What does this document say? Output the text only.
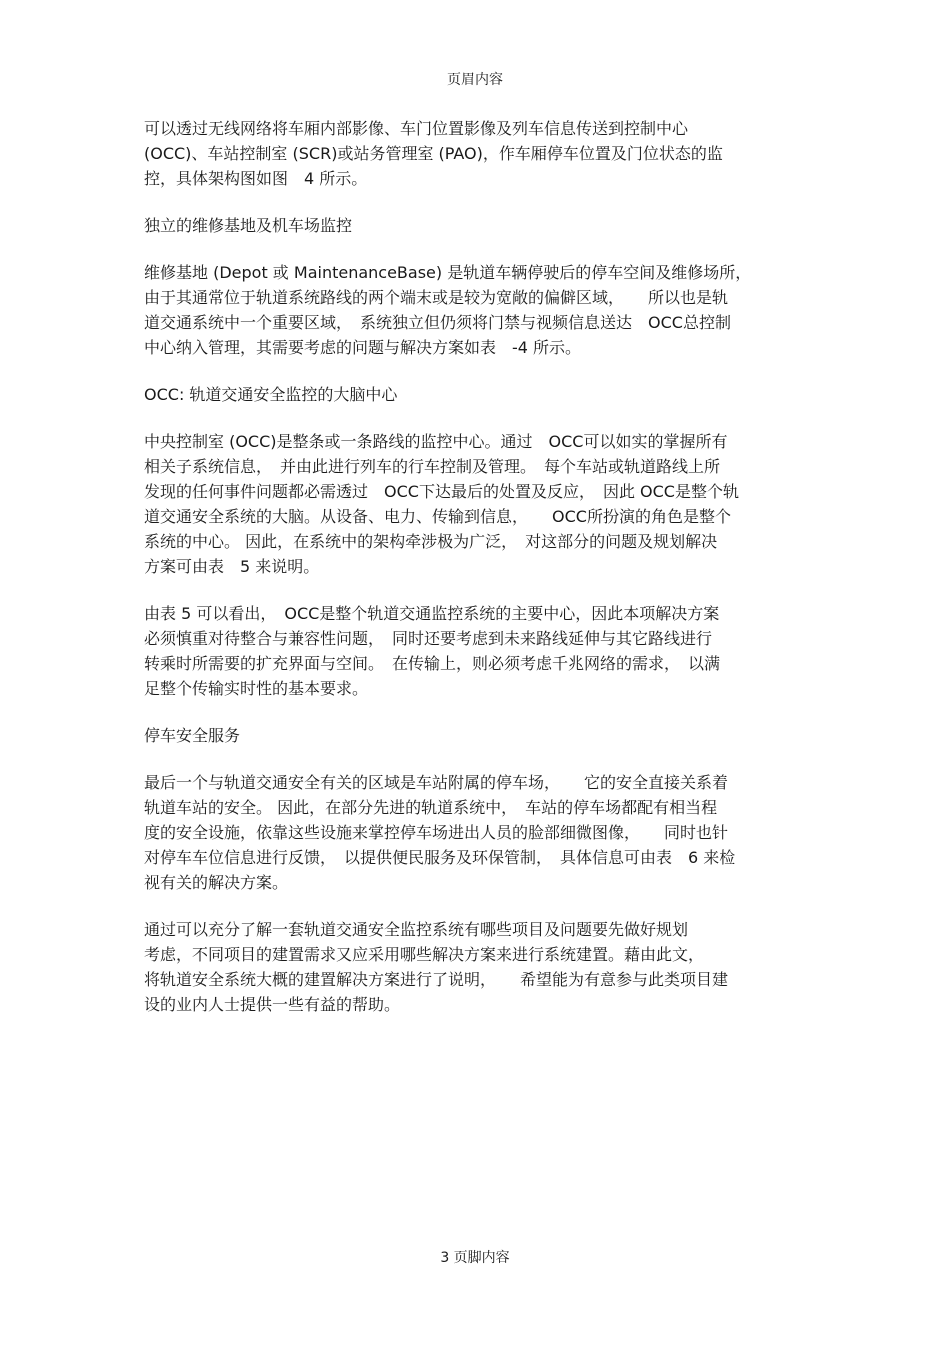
页眉内容
可以透过无线网络将车厢内部影像、车门位置影像及列车信息传送到控制中心
(OCC)、车站控制室 (SCR)或站务管理室 (PAO)，作车厢停车位置及门位状态的监
控，具体架构图如图　4 所示。
独立的维修基地及机车场监控
维修基地 (Depot 或 MaintenanceBase) 是轨道车辆停驶后的停车空间及维修场所，
由于其通常位于轨道系统路线的两个端末或是较为宽敞的偏僻区域，　　所以也是轨
道交通系统中一个重要区域，　系统独立但仍须将门禁与视频信息送达　OCC总控制
中心纳入管理，其需要考虑的问题与解决方案如表　-4 所示。
OCC: 轨道交通安全监控的大脑中心
中央控制室 (OCC)是整条或一条路线的监控中心。通过　OCC可以如实的掌握所有
相关子系统信息，　并由此进行列车的行车控制及管理。　每个车站或轨道路线上所
发现的任何事件问题都必需透过　OCC下达最后的处置及反应，　因此 OCC是整个轨
道交通安全系统的大脑。从设备、电力、传输到信息，　　OCC所扮演的角色是整个
系统的中心。 因此，在系统中的架构牵涉极为广泛，　对这部分的问题及规划解决
方案可由表　5 来说明。
由表 5 可以看出，　OCC是整个轨道交通监控系统的主要中心，因此本项解决方案
必须慎重对待整合与兼容性问题，　同时还要考虑到未来路线延伸与其它路线进行
转乘时所需要的扩充界面与空间。　在传输上，则必须考虑千兆网络的需求，　以满
足整个传输实时性的基本要求。
停车安全服务
最后一个与轨道交通安全有关的区域是车站附属的停车场，　　它的安全直接关系着
轨道车站的安全。 因此，在部分先进的轨道系统中，　车站的停车场都配有相当程
度的安全设施，依靠这些设施来掌控停车场进出人员的脸部细微图像，　　同时也针
对停车车位信息进行反馈，　以提供便民服务及环保管制，　具体信息可由表　6 来检
视有关的解决方案。
通过可以充分了解一套轨道交通安全监控系统有哪些项目及问题要先做好规划
考虑，不同项目的建置需求又应采用哪些解决方案来进行系统建置。藉由此文，
将轨道安全系统大概的建置解决方案进行了说明，　　希望能为有意参与此类项目建
设的业内人士提供一些有益的帮助。
3 页脚内容
